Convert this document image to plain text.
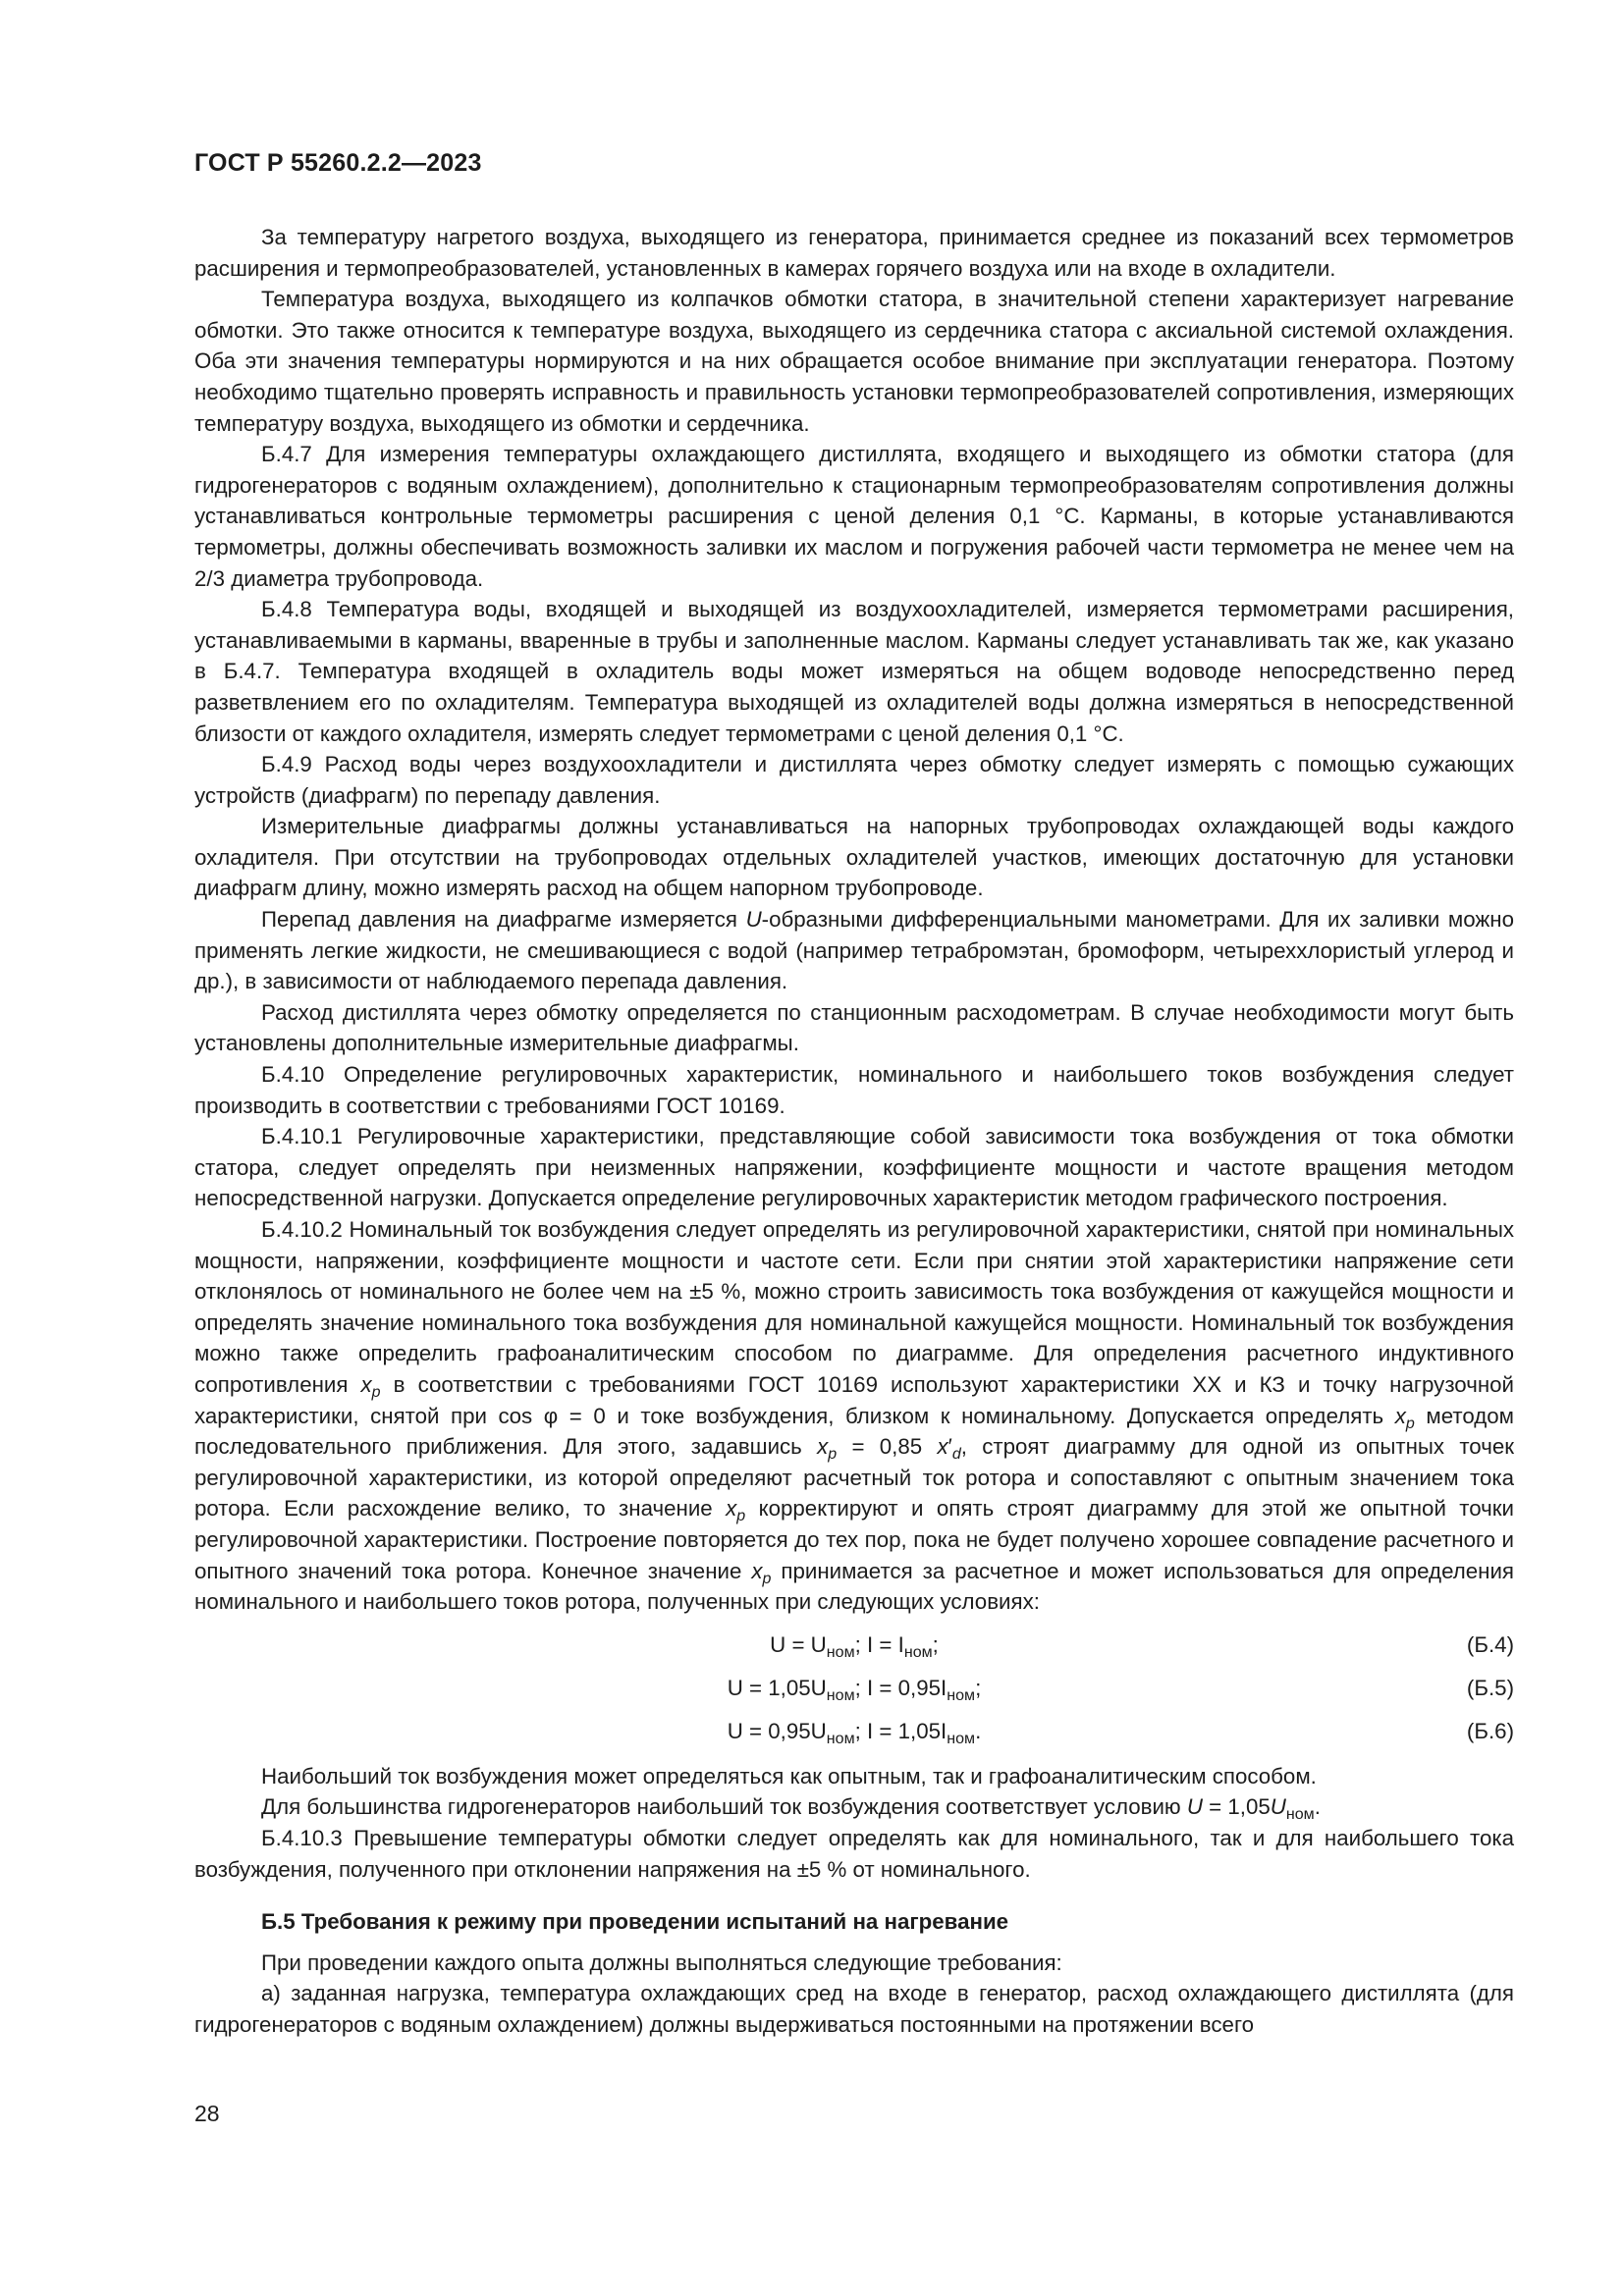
ГОСТ Р 55260.2.2—2023

За температуру нагретого воздуха, выходящего из генератора, принимается среднее из показаний всех термометров расширения и термопреобразователей, установленных в камерах горячего воздуха или на входе в охладители.

Температура воздуха, выходящего из колпачков обмотки статора, в значительной степени характеризует нагревание обмотки. Это также относится к температуре воздуха, выходящего из сердечника статора с аксиальной системой охлаждения. Оба эти значения температуры нормируются и на них обращается особое внимание при эксплуатации генератора. Поэтому необходимо тщательно проверять исправность и правильность установки термопреобразователей сопротивления, измеряющих температуру воздуха, выходящего из обмотки и сердечника.

Б.4.7 Для измерения температуры охлаждающего дистиллята, входящего и выходящего из обмотки статора (для гидрогенераторов с водяным охлаждением), дополнительно к стационарным термопреобразователям сопротивления должны устанавливаться контрольные термометры расширения с ценой деления 0,1 °С. Карманы, в которые устанавливаются термометры, должны обеспечивать возможность заливки их маслом и погружения рабочей части термометра не менее чем на 2/3 диаметра трубопровода.

Б.4.8 Температура воды, входящей и выходящей из воздухоохладителей, измеряется термометрами расширения, устанавливаемыми в карманы, вваренные в трубы и заполненные маслом. Карманы следует устанавливать так же, как указано в Б.4.7. Температура входящей в охладитель воды может измеряться на общем водоводе непосредственно перед разветвлением его по охладителям. Температура выходящей из охладителей воды должна измеряться в непосредственной близости от каждого охладителя, измерять следует термометрами с ценой деления 0,1 °С.

Б.4.9 Расход воды через воздухоохладители и дистиллята через обмотку следует измерять с помощью сужающих устройств (диафрагм) по перепаду давления.

Измерительные диафрагмы должны устанавливаться на напорных трубопроводах охлаждающей воды каждого охладителя. При отсутствии на трубопроводах отдельных охладителей участков, имеющих достаточную для установки диафрагм длину, можно измерять расход на общем напорном трубопроводе.

Перепад давления на диафрагме измеряется U-образными дифференциальными манометрами. Для их заливки можно применять легкие жидкости, не смешивающиеся с водой (например тетрабромэтан, бромоформ, четыреххлористый углерод и др.), в зависимости от наблюдаемого перепада давления.

Расход дистиллята через обмотку определяется по станционным расходометрам. В случае необходимости могут быть установлены дополнительные измерительные диафрагмы.

Б.4.10 Определение регулировочных характеристик, номинального и наибольшего токов возбуждения следует производить в соответствии с требованиями ГОСТ 10169.

Б.4.10.1 Регулировочные характеристики, представляющие собой зависимости тока возбуждения от тока обмотки статора, следует определять при неизменных напряжении, коэффициенте мощности и частоте вращения методом непосредственной нагрузки. Допускается определение регулировочных характеристик методом графического построения.

Б.4.10.2 Номинальный ток возбуждения следует определять из регулировочной характеристики, снятой при номинальных мощности, напряжении, коэффициенте мощности и частоте сети. Если при снятии этой характеристики напряжение сети отклонялось от номинального не более чем на ±5 %, можно строить зависимость тока возбуждения от кажущейся мощности и определять значение номинального тока возбуждения для номинальной кажущейся мощности. Номинальный ток возбуждения можно также определить графоаналитическим способом по диаграмме. Для определения расчетного индуктивного сопротивления $x_p$ в соответствии с требованиями ГОСТ 10169 используют характеристики ХХ и КЗ и точку нагрузочной характеристики, снятой при cos φ = 0 и токе возбуждения, близком к номинальному. Допускается определять $x_p$ методом последовательного приближения. Для этого, задавшись $x_p = 0,85$ $x'_d$, строят диаграмму для одной из опытных точек регулировочной характеристики, из которой определяют расчетный ток ротора и сопоставляют с опытным значением тока ротора. Если расхождение велико, то значение $x_p$ корректируют и опять строят диаграмму для этой же опытной точки регулировочной характеристики. Построение повторяется до тех пор, пока не будет получено хорошее совпадение расчетного и опытного значений тока ротора. Конечное значение $x_p$ принимается за расчетное и может использоваться для определения номинального и наибольшего токов ротора, полученных при следующих условиях:

$U = U_{ном}$; $I = I_{ном}$;	(Б.4)
$U = 1,05U_{ном}$; $I = 0,95I_{ном}$;	(Б.5)
$U = 0,95U_{ном}$; $I = 1,05I_{ном}$.	(Б.6)

Наибольший ток возбуждения может определяться как опытным, так и графоаналитическим способом.

Для большинства гидрогенераторов наибольший ток возбуждения соответствует условию $U = 1,05U_{ном}$.

Б.4.10.3 Превышение температуры обмотки следует определять как для номинального, так и для наибольшего тока возбуждения, полученного при отклонении напряжения на ±5 % от номинального.

Б.5 Требования к режиму при проведении испытаний на нагревание

При проведении каждого опыта должны выполняться следующие требования:

а) заданная нагрузка, температура охлаждающих сред на входе в генератор, расход охлаждающего дистиллята (для гидрогенераторов с водяным охлаждением) должны выдерживаться постоянными на протяжении всего

28
